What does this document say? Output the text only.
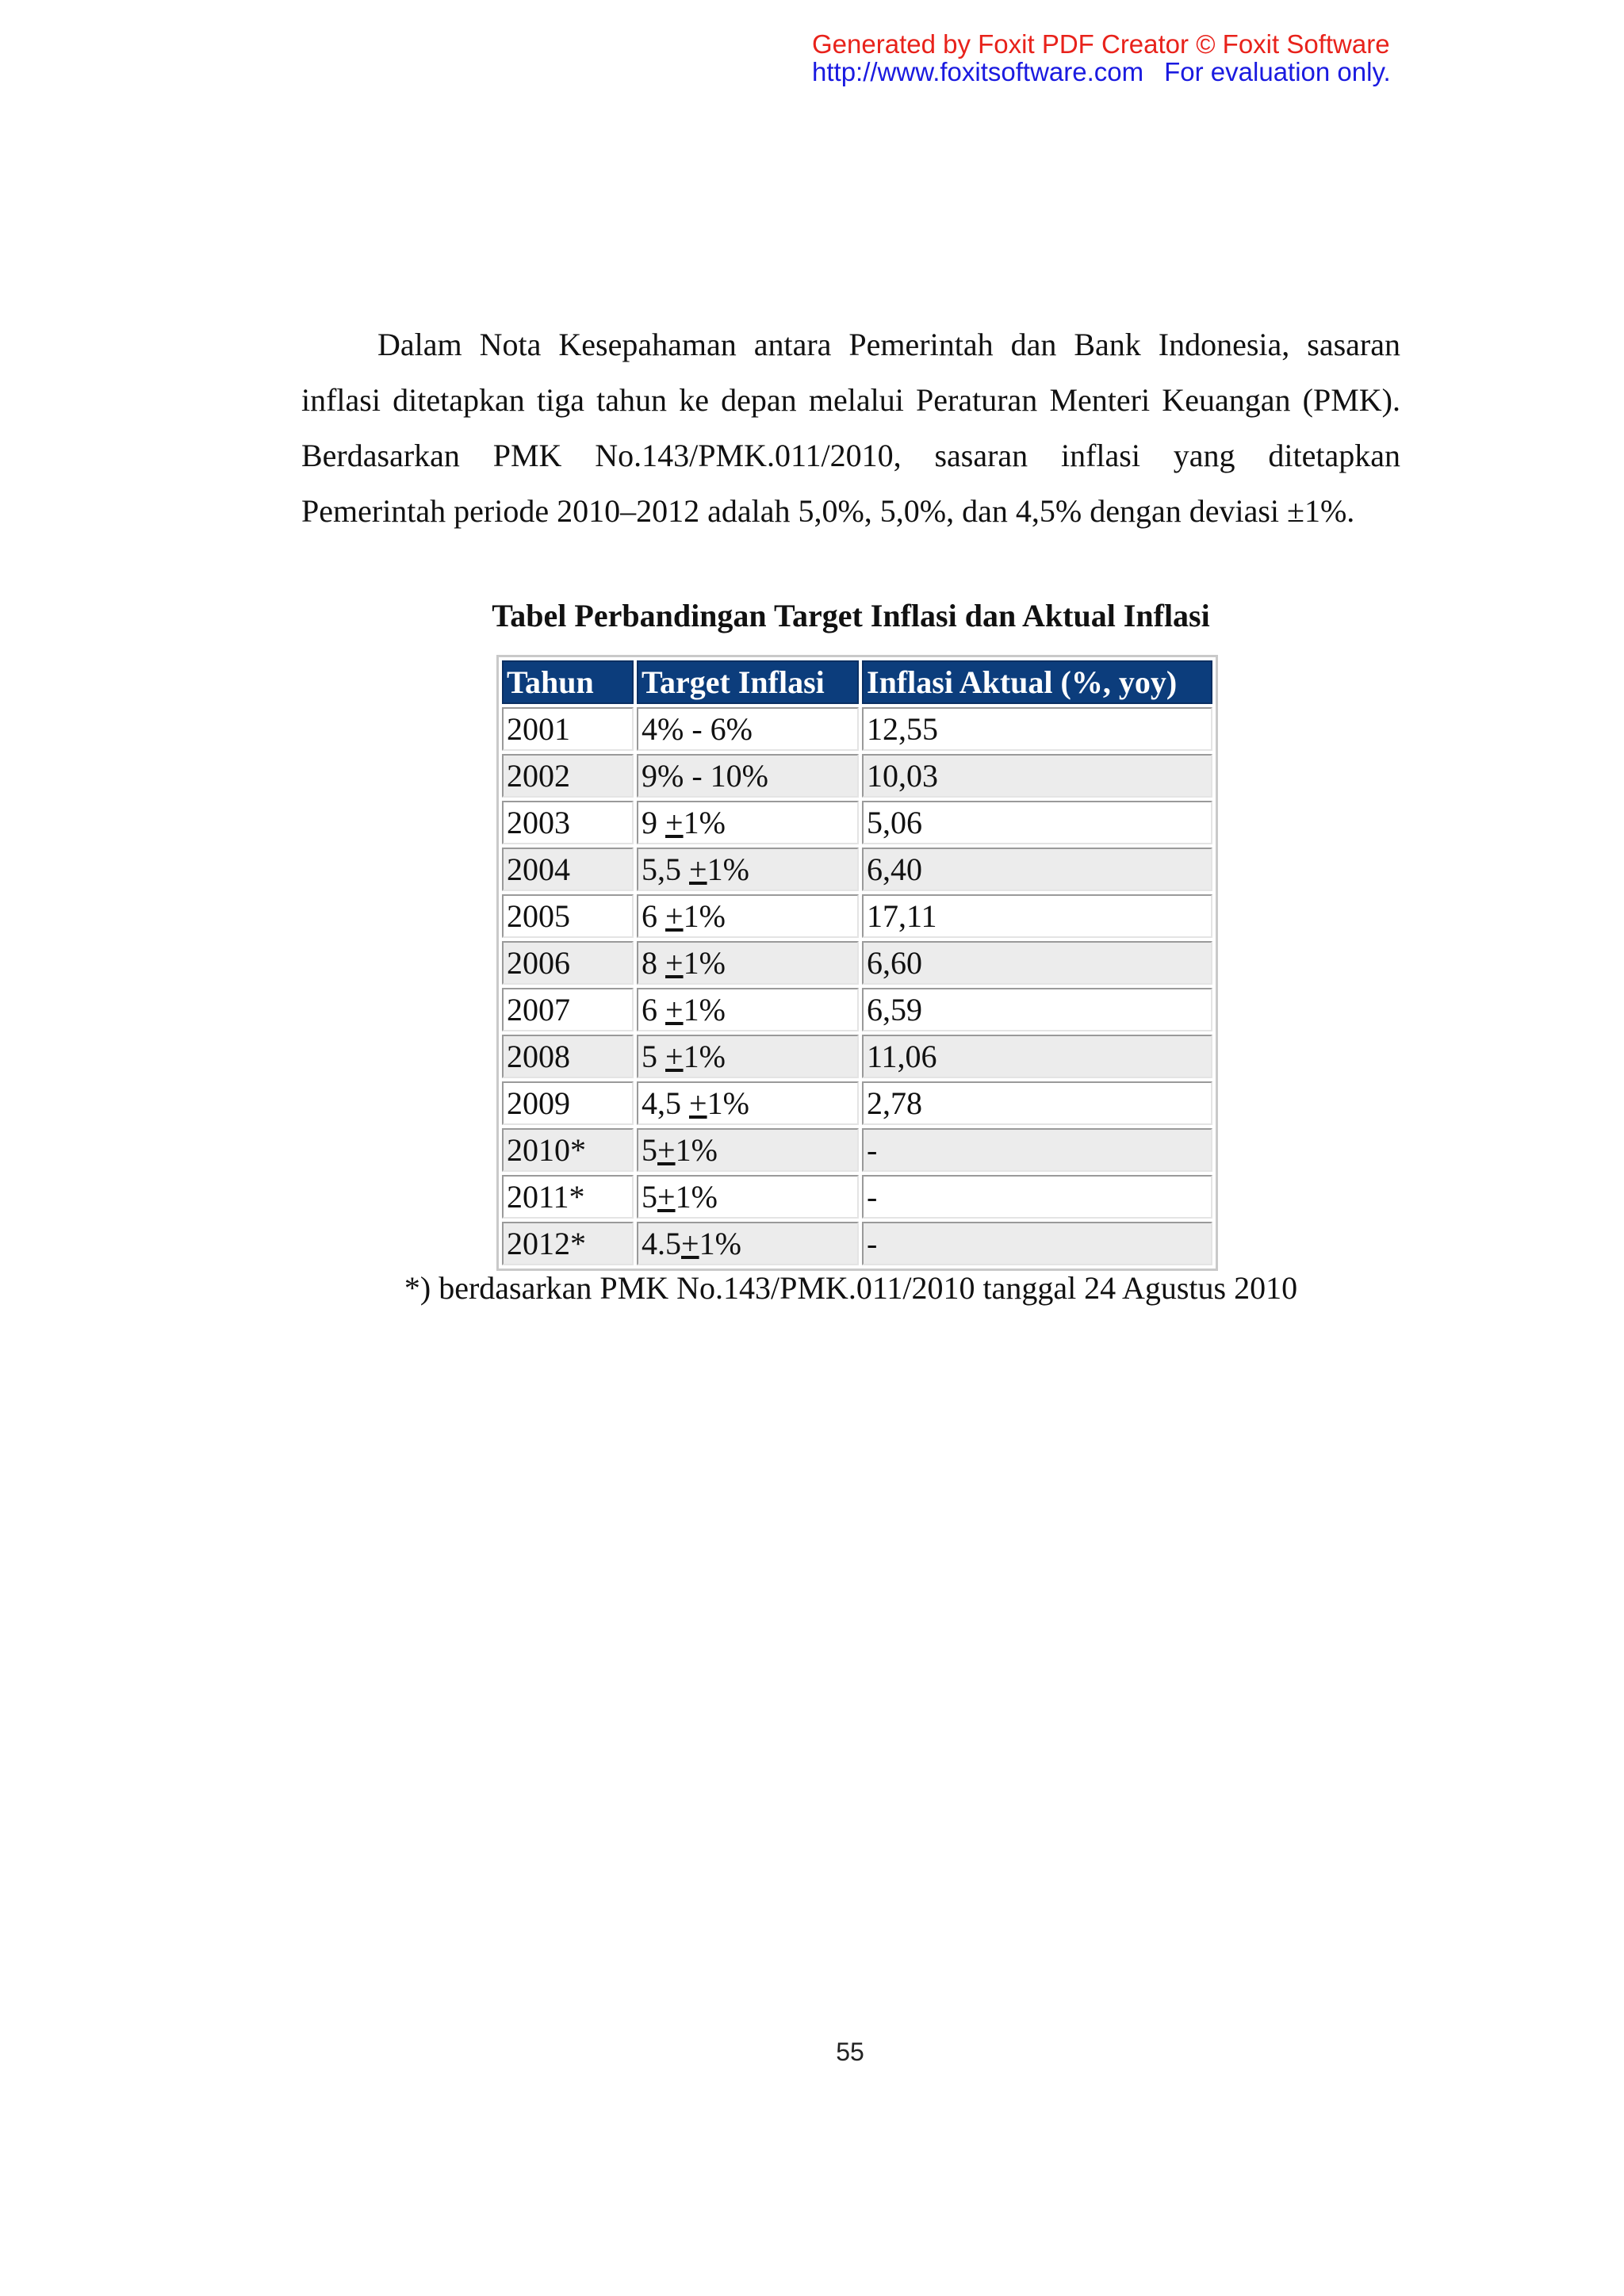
Generated by Foxit PDF Creator © Foxit Software
http://www.foxitsoftware.com For evaluation only.

Dalam Nota Kesepahaman antara Pemerintah dan Bank Indonesia, sasaran inflasi ditetapkan tiga tahun ke depan melalui Peraturan Menteri Keuangan (PMK). Berdasarkan PMK No.143/PMK.011/2010, sasaran inflasi yang ditetapkan Pemerintah periode 2010–2012 adalah 5,0%, 5,0%, dan 4,5% dengan deviasi ±1%.

Tabel Perbandingan Target Inflasi dan Aktual Inflasi
Tahun	Target Inflasi	Inflasi Aktual (%, yoy)
2001	4% - 6%	12,55
2002	9% - 10%	10,03
2003	9 +1%	5,06
2004	5,5 +1%	6,40
2005	6 +1%	17,11
2006	8 +1%	6,60
2007	6 +1%	6,59
2008	5 +1%	11,06
2009	4,5 +1%	2,78
2010*	5+1%	-
2011*	5+1%	-
2012*	4.5+1%	-
*) berdasarkan PMK No.143/PMK.011/2010 tanggal 24 Agustus 2010
55
